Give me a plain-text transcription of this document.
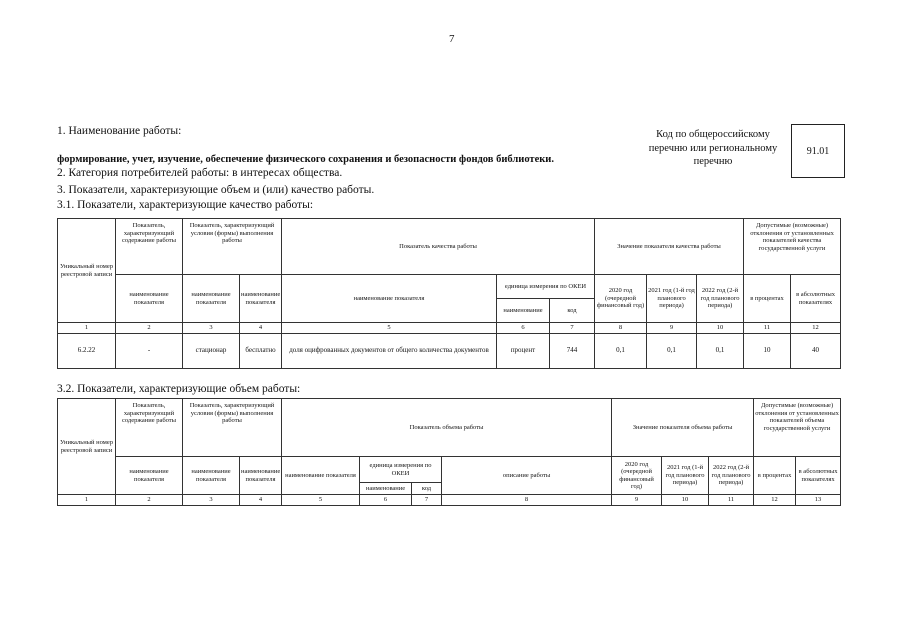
7
1. Наименование работы:
формирование, учет, изучение, обеспечение физического сохранения и безопасности фондов библиотеки.
2. Категория потребителей работы: в интересах общества.
3. Показатели, характеризующие объем и (или) качество работы.
3.1. Показатели, характеризующие качество работы:
Код по общероссийскому
перечню или региональному
перечню
91.01
Уникальный номер реестровой записи	Показатель, характеризующий содержание работы	Показатель, характеризующий условия (формы) выполнения работы		Показатель качества работы			Значение показателя качества работы			Допустимые (возможные) отклонения от установленных показателей качества государственной услуги	
	наименование показателя	наименование показателя	наименование показателя	наименование показателя	единица измерения по ОКЕИ		2020 год (очередной финансовый год)	2021 год (1-й год планового периода)	2022 год (2-й год планового периода)	в процентах	в абсолютных показателях
					наименование	код					
1	2	3	4	5	6	7	8	9	10	11	12
6.2.22	-	стационар	бесплатно	доля оцифрованных документов от общего количества документов	процент	744	0,1	0,1	0,1	10	40
3.2. Показатели, характеризующие объем работы:
Уникальный номер реестровой записи	Показатель, характеризующий содержание работы	Показатель, характеризующий условия (формы) выполнения работы		Показатель объема работы				Значение показателя объема работы			Допустимые (возможные) отклонения от установленных показателей объема государственной услуги	
	наименование показателя	наименование показателя	наименование показателя	наименование показателя	единица измерения по ОКЕИ		описание работы	2020 год (очередной финансовый год)	2021 год (1-й год планового периода)	2022 год (2-й год планового периода)	в процентах	в абсолютных показателях
					наименование	код						
1	2	3	4	5	6	7	8	9	10	11	12	13
